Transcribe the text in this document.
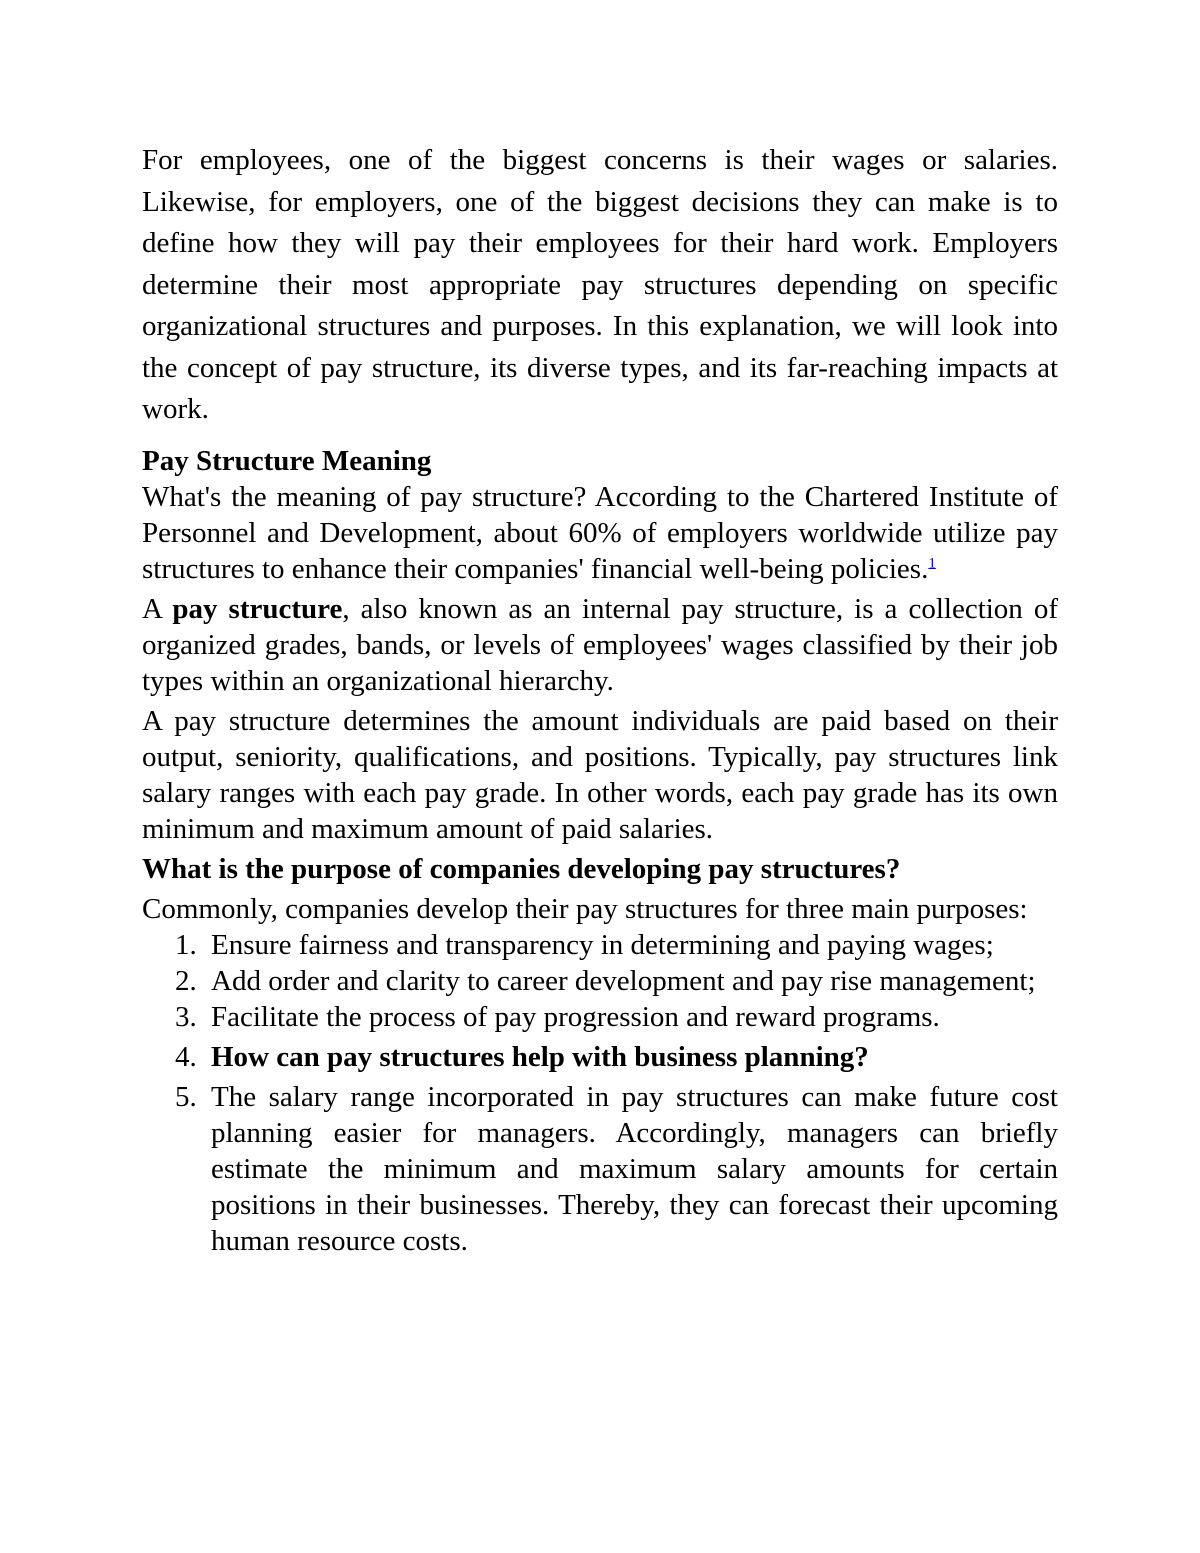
For employees, one of the biggest concerns is their wages or salaries. Likewise, for employers, one of the biggest decisions they can make is to define how they will pay their employees for their hard work. Employers determine their most appropriate pay structures depending on specific organizational structures and purposes. In this explanation, we will look into the concept of pay structure, its diverse types, and its far-reaching impacts at work.

Pay Structure Meaning

What's the meaning of pay structure? According to the Chartered Institute of Personnel and Development, about 60% of employers worldwide utilize pay structures to enhance their companies' financial well-being policies.$^1$

A pay structure, also known as an internal pay structure, is a collection of organized grades, bands, or levels of employees' wages classified by their job types within an organizational hierarchy.

A pay structure determines the amount individuals are paid based on their output, seniority, qualifications, and positions. Typically, pay structures link salary ranges with each pay grade. In other words, each pay grade has its own minimum and maximum amount of paid salaries.

What is the purpose of companies developing pay structures?

Commonly, companies develop their pay structures for three main purposes:

1. Ensure fairness and transparency in determining and paying wages;
2. Add order and clarity to career development and pay rise management;
3. Facilitate the process of pay progression and reward programs.
4. How can pay structures help with business planning?
5. The salary range incorporated in pay structures can make future cost planning easier for managers. Accordingly, managers can briefly estimate the minimum and maximum salary amounts for certain positions in their businesses. Thereby, they can forecast their upcoming human resource costs.
